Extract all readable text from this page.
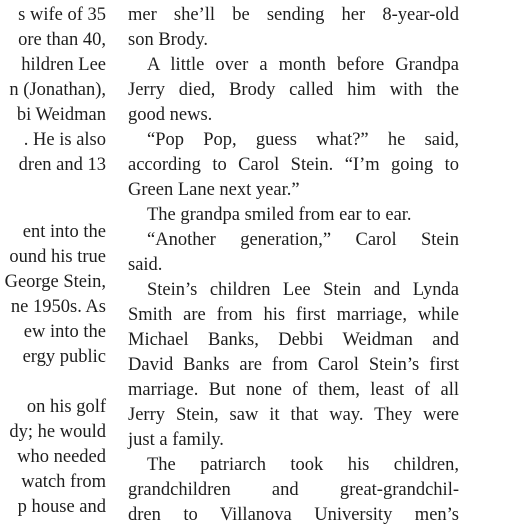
s wife of 35
ore than 40,
hildren Lee
n (Jonathan),
bi Weidman
. He is also
dren and 13
ent into the
ound his true
George Stein,
ne 1950s. As
ew into the
ergy public
on his golf
dy; he would
who needed
watch from
p house and
mer she’ll be sending her 8-year-old
son Brody.
A little over a month before Grandpa
Jerry died, Brody called him with the
good news.
“Pop Pop, guess what?” he said,
according to Carol Stein. “I’m going to
Green Lane next year.”
The grandpa smiled from ear to ear.
“Another generation,” Carol Stein
said.
Stein’s children Lee Stein and Lynda
Smith are from his first marriage, while
Michael Banks, Debbi Weidman and
David Banks are from Carol Stein’s first
marriage. But none of them, least of all
Jerry Stein, saw it that way. They were
just a family.
The patriarch took his children,
grandchildren and great-grandchil-
dren to Villanova University men’s
